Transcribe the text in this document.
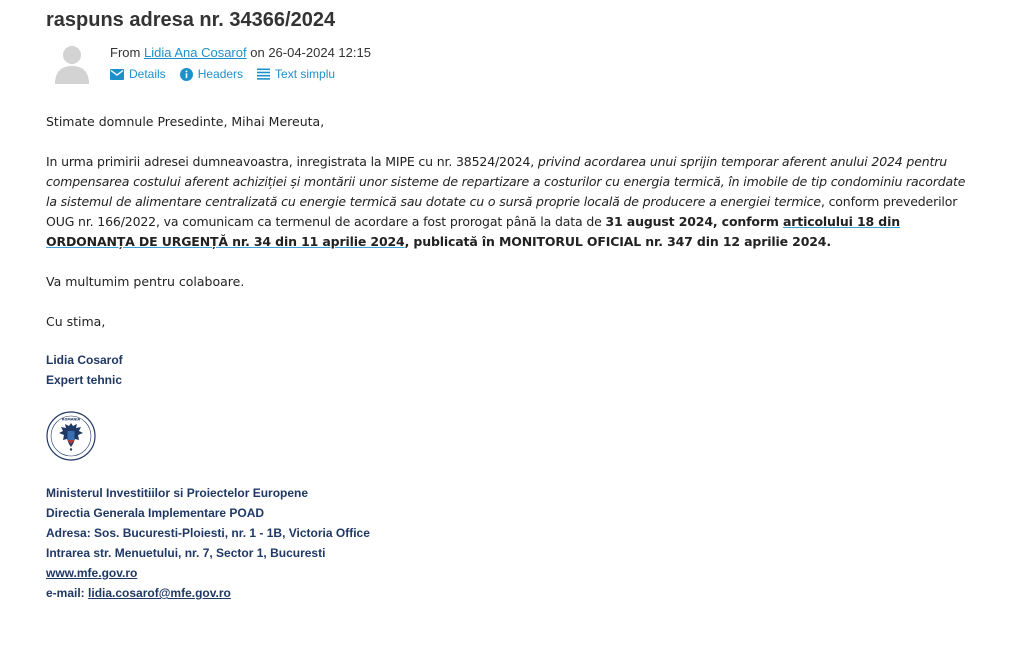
raspuns adresa nr. 34366/2024
From Lidia Ana Cosarof on 26-04-2024 12:15
Details	Headers	Text simplu

Stimate domnule Presedinte, Mihai Mereuta,

In urma primirii adresei dumneavoastra, inregistrata la MIPE cu nr. 38524/2024, privind acordarea unui sprijin temporar aferent anului 2024 pentru compensarea costului aferent achiziției și montării unor sisteme de repartizare a costurilor cu energia termică, în imobile de tip condominiu racordate la sistemul de alimentare centralizată cu energie termică sau dotate cu o sursă proprie locală de producere a energiei termice, conform prevederilor OUG nr. 166/2022, va comunicam ca termenul de acordare a fost prorogat până la data de 31 august 2024, conform articolului 18 din ORDONANȚA DE URGENȚĂ nr. 34 din 11 aprilie 2024, publicată în MONITORUL OFICIAL nr. 347 din 12 aprilie 2024.

Va multumim pentru colaboare.

Cu stima,

Lidia Cosarof
Expert tehnic
ROMANIA
Ministerul Investitiilor si Proiectelor Europene
Directia Generala Implementare POAD
Adresa: Sos. Bucuresti-Ploiesti, nr. 1 - 1B, Victoria Office
Intrarea str. Menuetului, nr. 7, Sector 1, Bucuresti
www.mfe.gov.ro
e-mail: lidia.cosarof@mfe.gov.ro
